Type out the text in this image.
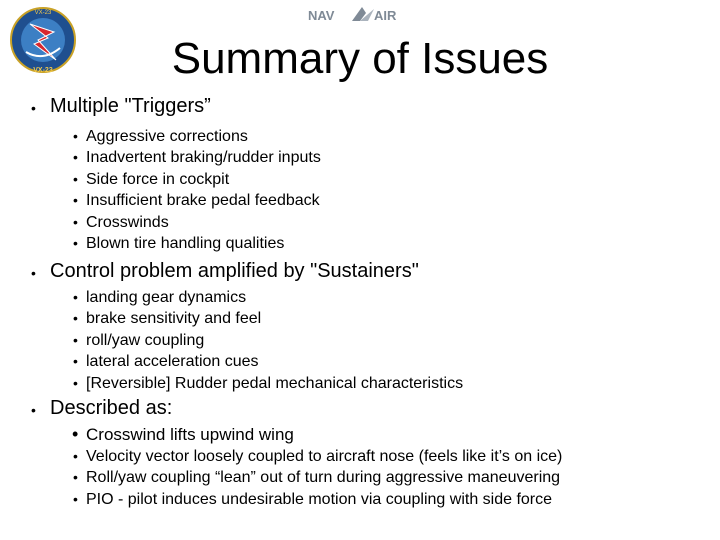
VX-23
VX-23
NAV	AIR
Summary of Issues
• Multiple "Triggers”
• Aggressive corrections
• Inadvertent braking/rudder inputs
• Side force in cockpit
• Insufficient brake pedal feedback
• Crosswinds
• Blown tire handling qualities
• Control problem amplified by "Sustainers"
• landing gear dynamics
• brake sensitivity and feel
• roll/yaw coupling
• lateral acceleration cues
• [Reversible] Rudder pedal mechanical characteristics
• Described as:
• Crosswind lifts upwind wing
• Velocity vector loosely coupled to aircraft nose (feels like it’s on ice)
• Roll/yaw coupling “lean” out of turn during aggressive maneuvering
• PIO - pilot induces undesirable motion via coupling with side force
